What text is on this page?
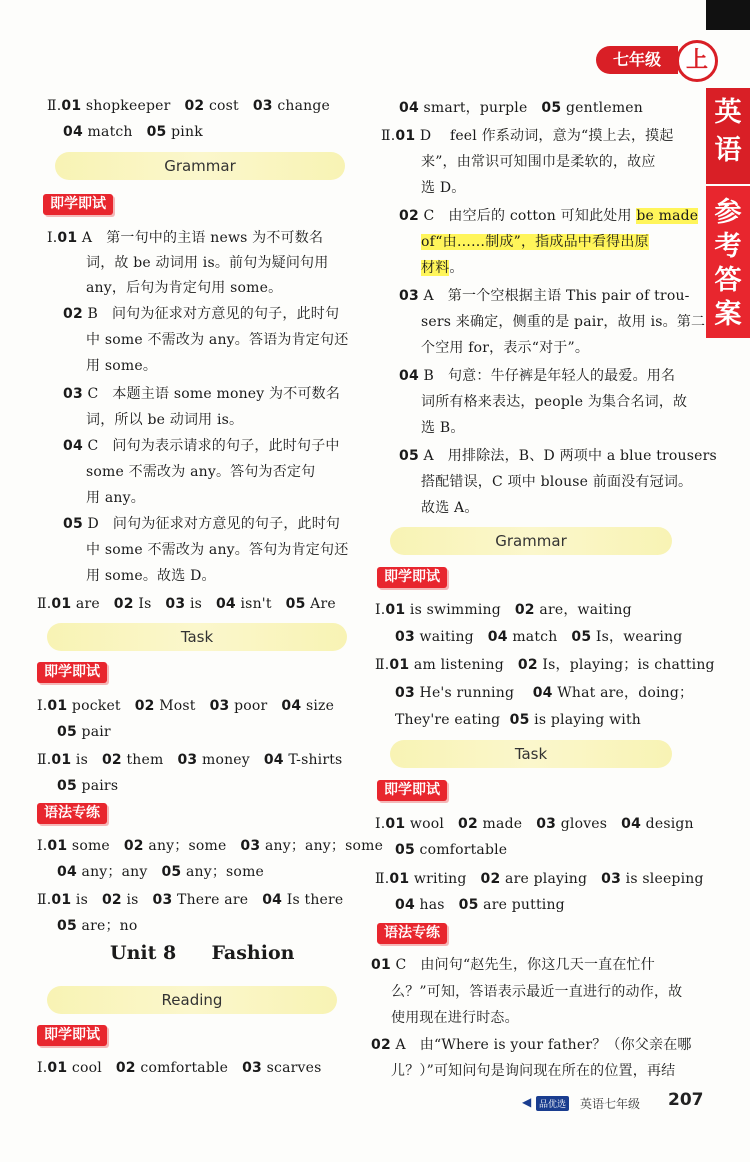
七年级	上
英
语
参
考
答
案
Ⅱ.01 shopkeeper   02 cost   03 change
04 match   05 pink
Ⅰ.01 A   第一句中的主语 news 为不可数名
词，故 be 动词用 is。前句为疑问句用
any，后句为肯定句用 some。
02 B   问句为征求对方意见的句子，此时句
中 some 不需改为 any。答语为肯定句还
用 some。
03 C   本题主语 some money 为不可数名
词，所以 be 动词用 is。
04 C   问句为表示请求的句子，此时句子中
some 不需改为 any。答句为否定句
用 any。
05 D   问句为征求对方意见的句子，此时句
中 some 不需改为 any。答句为肯定句还
用 some。故选 D。
Ⅱ.01 are   02 Is   03 is   04 isn't   05 Are
Ⅰ.01 pocket   02 Most   03 poor   04 size
05 pair
Ⅱ.01 is   02 them   03 money   04 T-shirts
05 pairs
Ⅰ.01 some   02 any；some   03 any；any；some
04 any；any   05 any；some
Ⅱ.01 is   02 is   03 There are   04 Is there
05 are；no
Ⅰ.01 cool   02 comfortable   03 scarves
Grammar
Task
Reading
即学即试
即学即试
语法专练
即学即试
04 smart，purple   05 gentlemen
Ⅱ.01 D    feel 作系动词，意为“摸上去，摸起
来”，由常识可知围巾是柔软的，故应
选 D。
02 C   由空后的 cotton 可知此处用 be made
of“由……制成”，指成品中看得出原
材料。
03 A   第一个空根据主语 This pair of trou-
sers 来确定，侧重的是 pair，故用 is。第二
个空用 for，表示“对于”。
04 B   句意：牛仔裤是年轻人的最爱。用名
词所有格来表达，people 为集合名词，故
选 B。
05 A   用排除法，B、D 两项中 a blue trousers
搭配错误，C 项中 blouse 前面没有冠词。
故选 A。
Ⅰ.01 is swimming   02 are，waiting
03 waiting   04 match   05 Is，wearing
Ⅱ.01 am listening   02 Is，playing；is chatting
03 He's running    04 What are，doing；
They're eating  05 is playing with
Ⅰ.01 wool   02 made   03 gloves   04 design
05 comfortable
Ⅱ.01 writing   02 are playing   03 is sleeping
04 has   05 are putting
01 C   由问句“赵先生，你这几天一直在忙什
么？”可知，答语表示最近一直进行的动作，故
使用现在进行时态。
02 A   由“Where is your father？（你父亲在哪
儿？）”可知问句是询问现在所在的位置，再结
Grammar
Task
即学即试
即学即试
语法专练
Unit 8 Fashion
◀ 品优选 英语七年级 207
